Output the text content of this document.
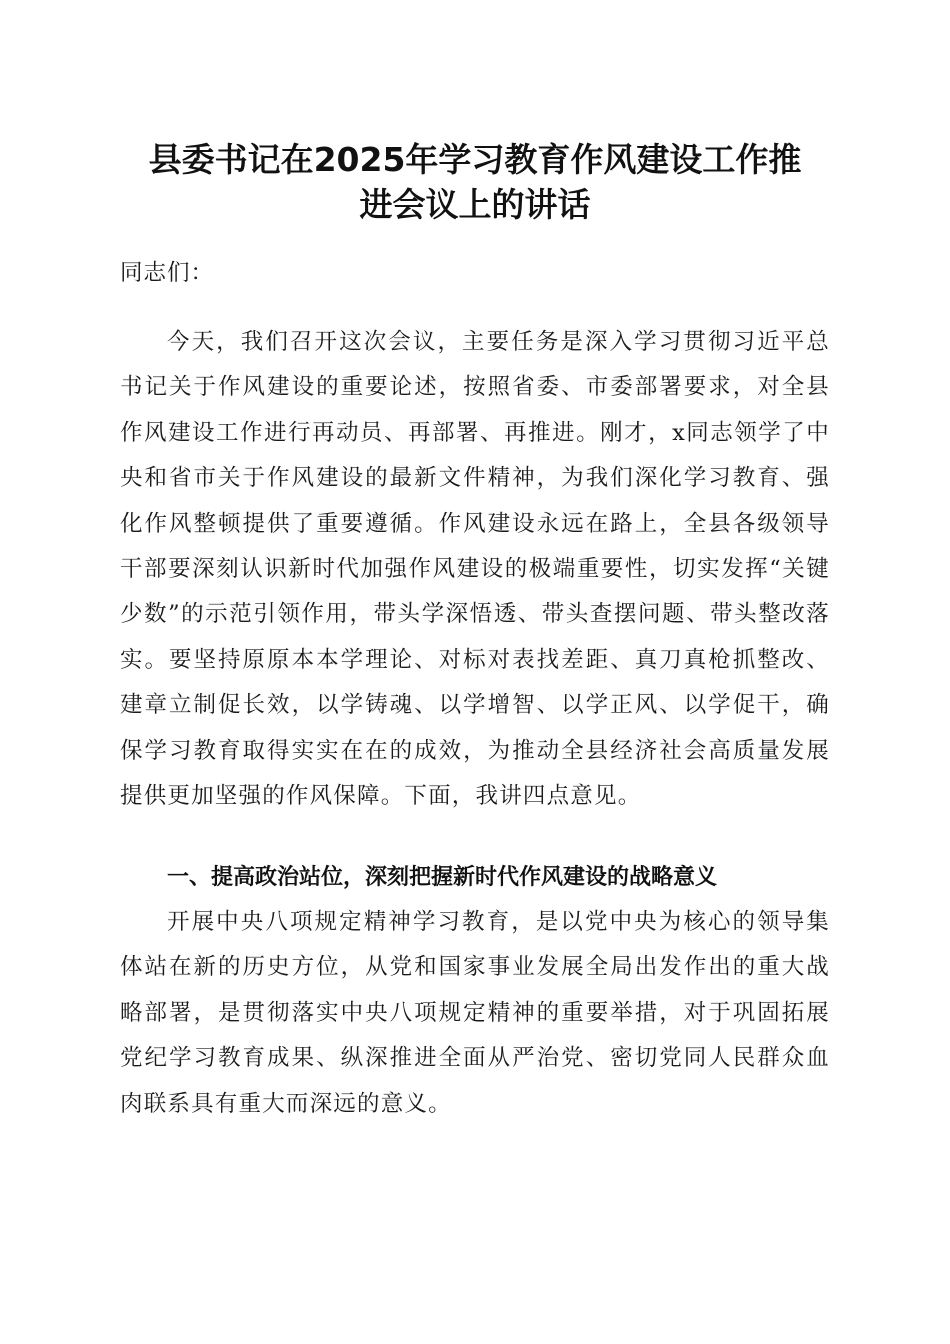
县委书记在2025年学习教育作风建设工作推
进会议上的讲话

同志们：

今天，我们召开这次会议，主要任务是深入学习贯彻习近平总书记关于作风建设的重要论述，按照省委、市委部署要求，对全县作风建设工作进行再动员、再部署、再推进。刚才，x同志领学了中央和省市关于作风建设的最新文件精神，为我们深化学习教育、强化作风整顿提供了重要遵循。作风建设永远在路上，全县各级领导干部要深刻认识新时代加强作风建设的极端重要性，切实发挥“关键少数”的示范引领作用，带头学深悟透、带头查摆问题、带头整改落实。要坚持原原本本学理论、对标对表找差距、真刀真枪抓整改、建章立制促长效，以学铸魂、以学增智、以学正风、以学促干，确保学习教育取得实实在在的成效，为推动全县经济社会高质量发展提供更加坚强的作风保障。下面，我讲四点意见。

一、提高政治站位，深刻把握新时代作风建设的战略意义

开展中央八项规定精神学习教育，是以党中央为核心的领导集体站在新的历史方位，从党和国家事业发展全局出发作出的重大战略部署，是贯彻落实中央八项规定精神的重要举措，对于巩固拓展党纪学习教育成果、纵深推进全面从严治党、密切党同人民群众血肉联系具有重大而深远的意义。
